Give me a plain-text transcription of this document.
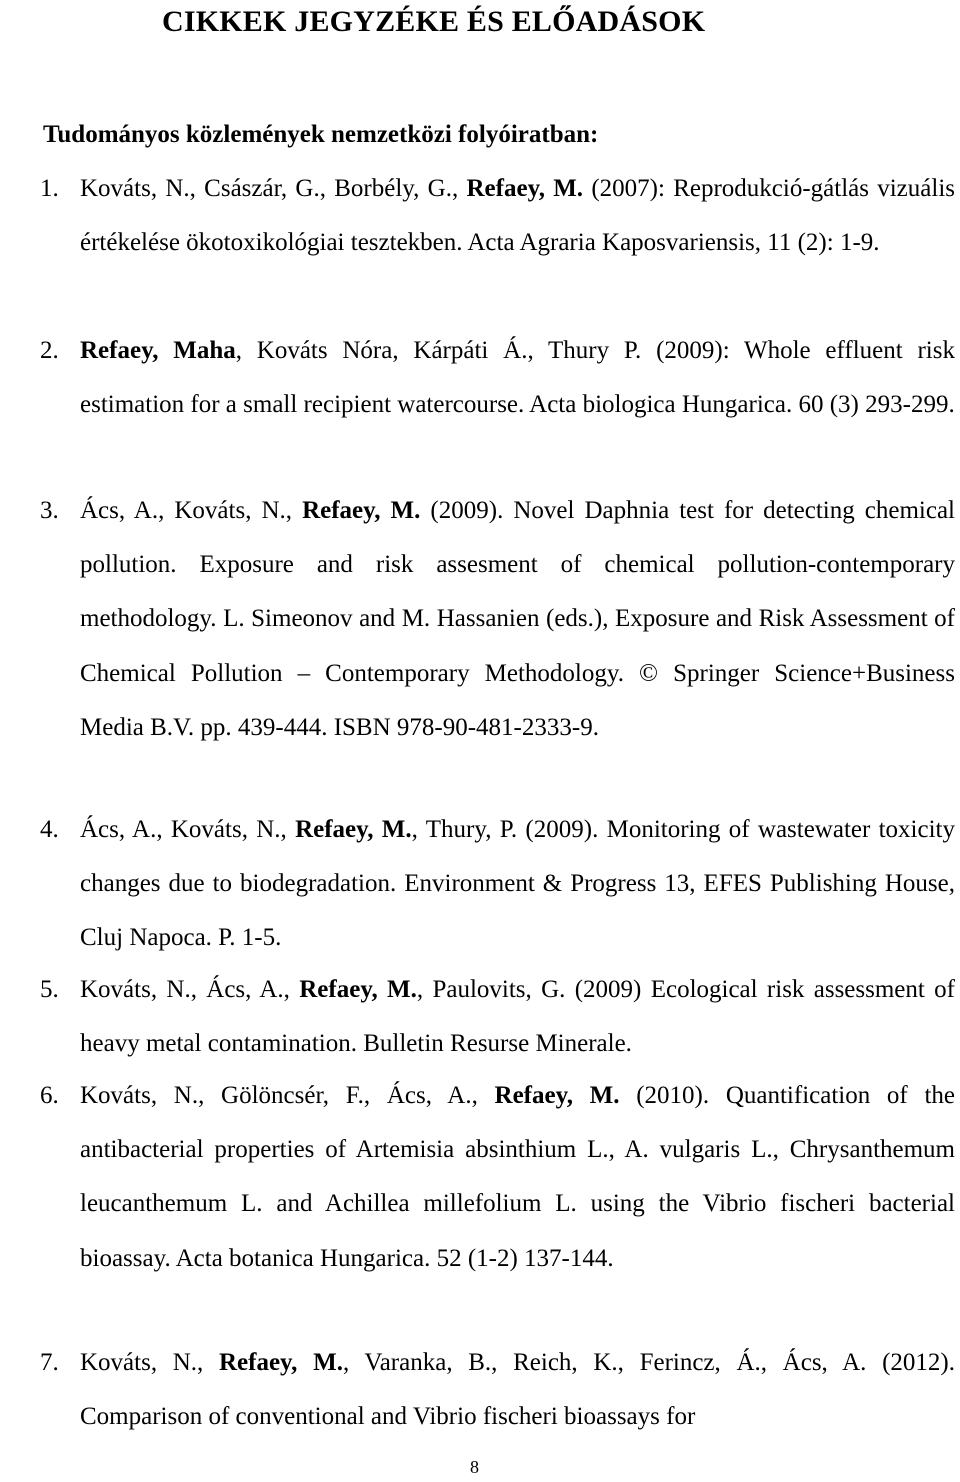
CIKKEK JEGYZÉKE ÉS ELŐADÁSOK
Tudományos közlemények nemzetközi folyóiratban:
1. Kováts, N., Császár, G., Borbély, G., Refaey, M. (2007): Reprodukció-gátlás vizuális értékelése ökotoxikológiai tesztekben. Acta Agraria Kaposvariensis, 11 (2): 1-9.
2. Refaey, Maha, Kováts Nóra, Kárpáti Á., Thury P. (2009): Whole effluent risk estimation for a small recipient watercourse. Acta biologica Hungarica. 60 (3) 293-299.
3. Ács, A., Kováts, N., Refaey, M. (2009). Novel Daphnia test for detecting chemical pollution. Exposure and risk assesment of chemical pollution-contemporary methodology. L. Simeonov and M. Hassanien (eds.), Exposure and Risk Assessment of Chemical Pollution – Contemporary Methodology. © Springer Science+Business Media B.V. pp. 439-444. ISBN 978-90-481-2333-9.
4. Ács, A., Kováts, N., Refaey, M., Thury, P. (2009). Monitoring of wastewater toxicity changes due to biodegradation. Environment & Progress 13, EFES Publishing House, Cluj Napoca. P. 1-5.
5. Kováts, N., Ács, A., Refaey, M., Paulovits, G. (2009) Ecological risk assessment of heavy metal contamination. Bulletin Resurse Minerale.
6. Kováts, N., Gölöncsér, F., Ács, A., Refaey, M. (2010). Quantification of the antibacterial properties of Artemisia absinthium L., A. vulgaris L., Chrysanthemum leucanthemum L. and Achillea millefolium L. using the Vibrio fischeri bacterial bioassay. Acta botanica Hungarica. 52 (1-2) 137-144.
7. Kováts, N., Refaey, M., Varanka, B., Reich, K., Ferincz, Á., Ács, A. (2012). Comparison of conventional and Vibrio fischeri bioassays for
8
